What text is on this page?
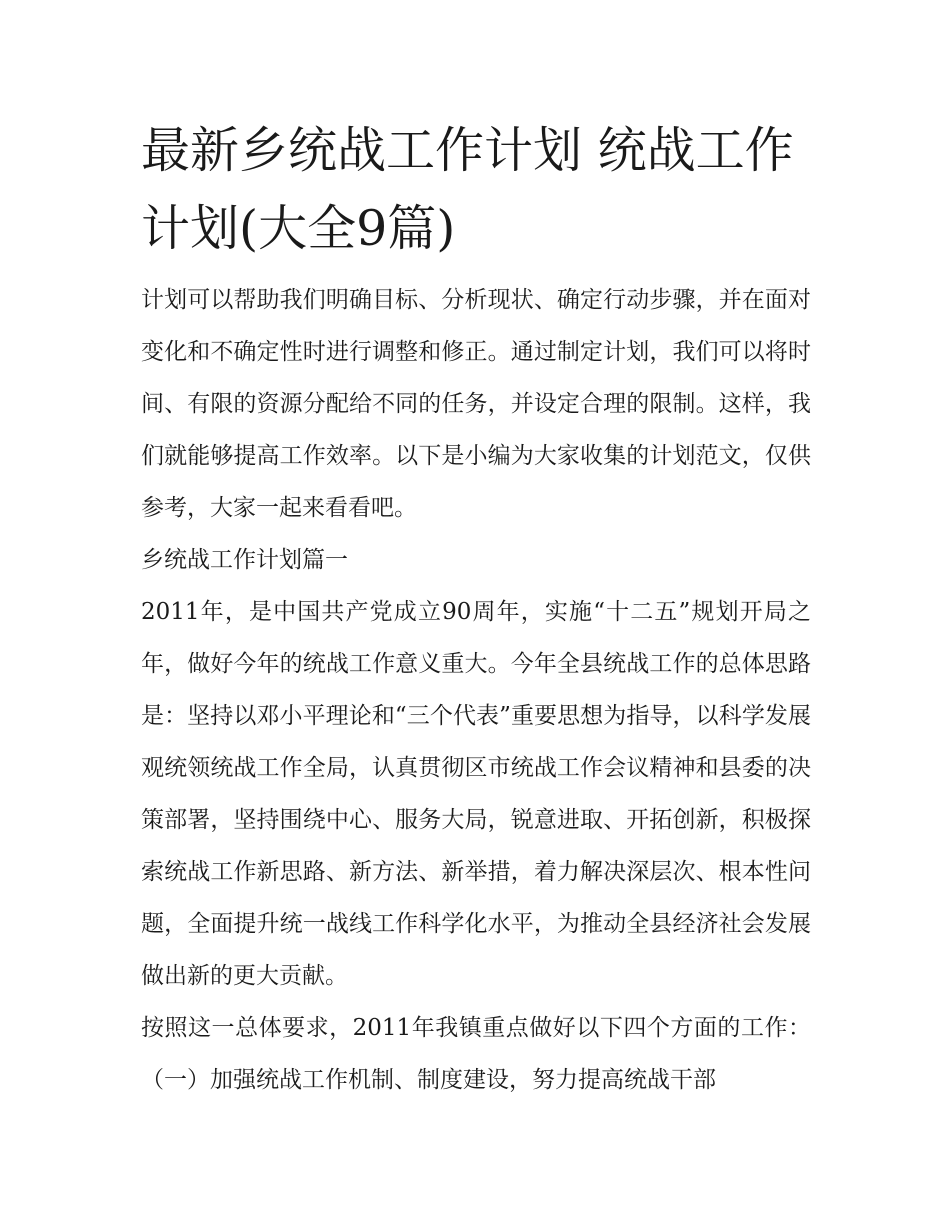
最新乡统战工作计划 统战工作计划(大全9篇)

计划可以帮助我们明确目标、分析现状、确定行动步骤，并在面对变化和不确定性时进行调整和修正。通过制定计划，我们可以将时间、有限的资源分配给不同的任务，并设定合理的限制。这样，我们就能够提高工作效率。以下是小编为大家收集的计划范文，仅供参考，大家一起来看看吧。

乡统战工作计划篇一

2011年，是中国共产党成立90周年，实施“十二五”规划开局之年，做好今年的统战工作意义重大。今年全县统战工作的总体思路是：坚持以邓小平理论和“三个代表”重要思想为指导，以科学发展观统领统战工作全局，认真贯彻区市统战工作会议精神和县委的决策部署，坚持围绕中心、服务大局，锐意进取、开拓创新，积极探索统战工作新思路、新方法、新举措，着力解决深层次、根本性问题，全面提升统一战线工作科学化水平，为推动全县经济社会发展做出新的更大贡献。

按照这一总体要求，2011年我镇重点做好以下四个方面的工作：（一）加强统战工作机制、制度建设，努力提高统战干部
